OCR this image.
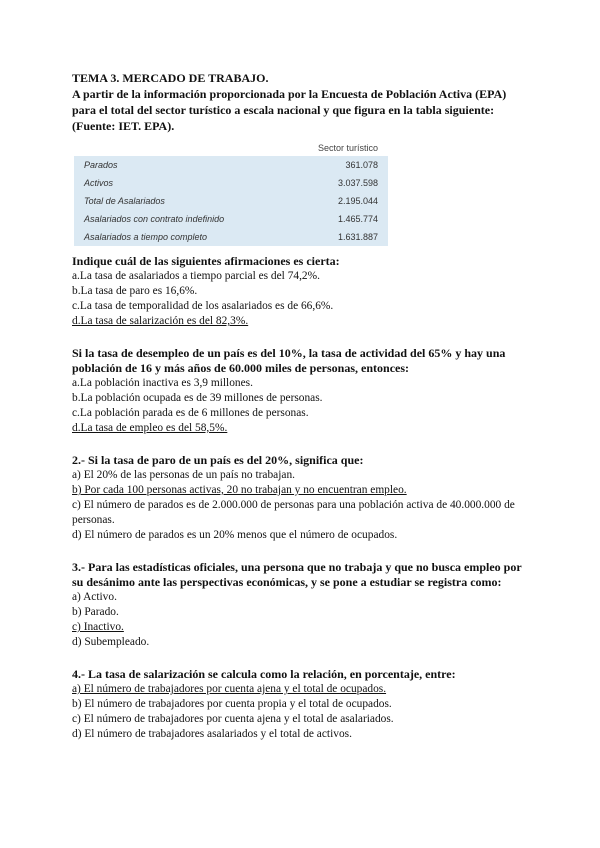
TEMA 3. MERCADO DE TRABAJO.

A partir de la información proporcionada por la Encuesta de Población Activa (EPA) para el total del sector turístico a escala nacional y que figura en la tabla siguiente: (Fuente: IET. EPA).

Sector turístico
Parados	361.078
Activos	3.037.598
Total de Asalariados	2.195.044
Asalariados con contrato indefinido	1.465.774
Asalariados a tiempo completo	1.631.887

Indique cuál de las siguientes afirmaciones es cierta:

a.La tasa de asalariados a tiempo parcial es del 74,2%.

b.La tasa de paro es 16,6%.

c.La tasa de temporalidad de los asalariados es de 66,6%.

d.La tasa de salarización es del 82,3%.

Si la tasa de desempleo de un país es del 10%, la tasa de actividad del 65% y hay una población de 16 y más años de 60.000 miles de personas, entonces:

a.La población inactiva es 3,9 millones.

b.La población ocupada es de 39 millones de personas.

c.La población parada es de 6 millones de personas.

d.La tasa de empleo es del 58,5%.

2.- Si la tasa de paro de un país es del 20%, significa que:

a) El 20% de las personas de un país no trabajan.

b) Por cada 100 personas activas, 20 no trabajan y no encuentran empleo.

c) El número de parados es de 2.000.000 de personas para una población activa de 40.000.000 de personas.

d) El número de parados es un 20% menos que el número de ocupados.

3.- Para las estadísticas oficiales, una persona que no trabaja y que no busca empleo por su desánimo ante las perspectivas económicas, y se pone a estudiar se registra como:

a) Activo.

b) Parado.

c) Inactivo.

d) Subempleado.

4.- La tasa de salarización se calcula como la relación, en porcentaje, entre:

a) El número de trabajadores por cuenta ajena y el total de ocupados.

b) El número de trabajadores por cuenta propia y el total de ocupados.

c) El número de trabajadores por cuenta ajena y el total de asalariados.

d) El número de trabajadores asalariados y el total de activos.
